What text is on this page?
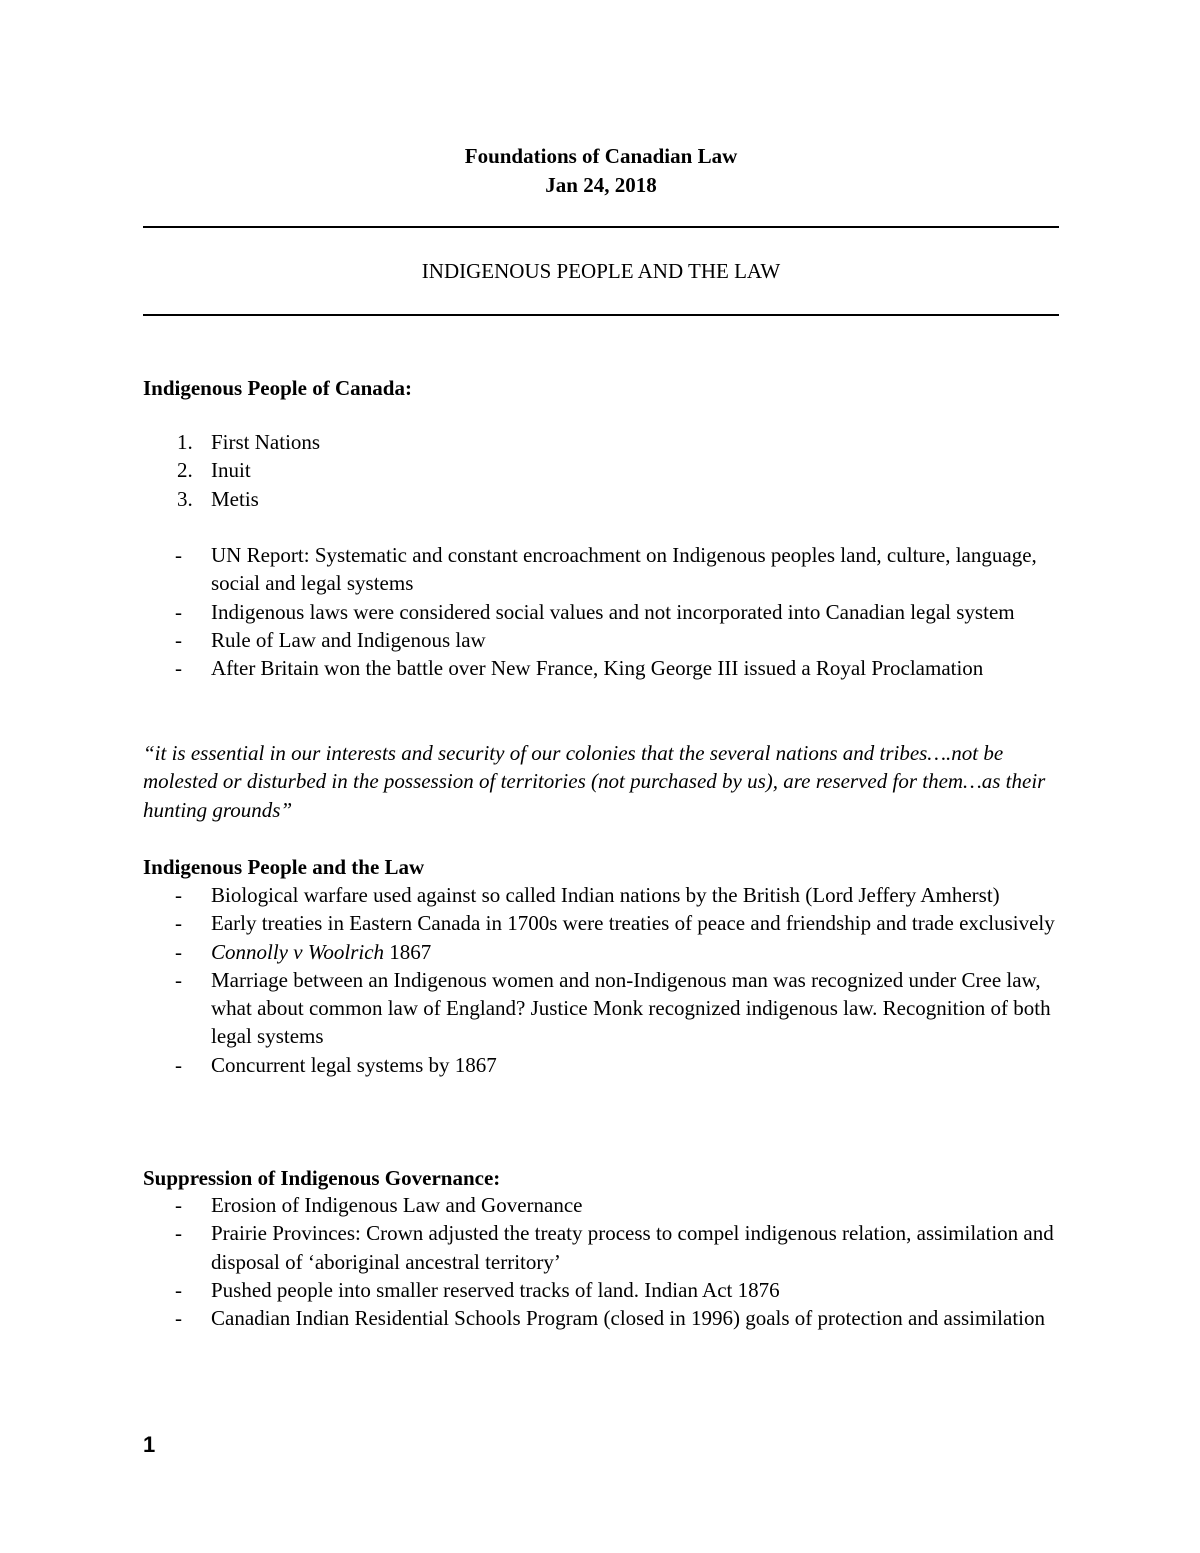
Foundations of Canadian Law
Jan 24, 2018
INDIGENOUS PEOPLE AND THE LAW

Indigenous People of Canada:

1. First Nations
2. Inuit
3. Metis
- UN Report: Systematic and constant encroachment on Indigenous peoples land, culture, language, social and legal systems
- Indigenous laws were considered social values and not incorporated into Canadian legal system
- Rule of Law and Indigenous law
- After Britain won the battle over New France, King George III issued a Royal Proclamation

“it is essential in our interests and security of our colonies that the several nations and tribes….not be molested or disturbed in the possession of territories (not purchased by us), are reserved for them…as their hunting grounds”

Indigenous People and the Law

- Biological warfare used against so called Indian nations by the British (Lord Jeffery Amherst)
- Early treaties in Eastern Canada in 1700s were treaties of peace and friendship and trade exclusively
- Connolly v Woolrich 1867
- Marriage between an Indigenous women and non-Indigenous man was recognized under Cree law, what about common law of England? Justice Monk recognized indigenous law. Recognition of both legal systems
- Concurrent legal systems by 1867

Suppression of Indigenous Governance:

- Erosion of Indigenous Law and Governance
- Prairie Provinces: Crown adjusted the treaty process to compel indigenous relation, assimilation and disposal of ‘aboriginal ancestral territory’
- Pushed people into smaller reserved tracks of land. Indian Act 1876
- Canadian Indian Residential Schools Program (closed in 1996) goals of protection and assimilation
1
